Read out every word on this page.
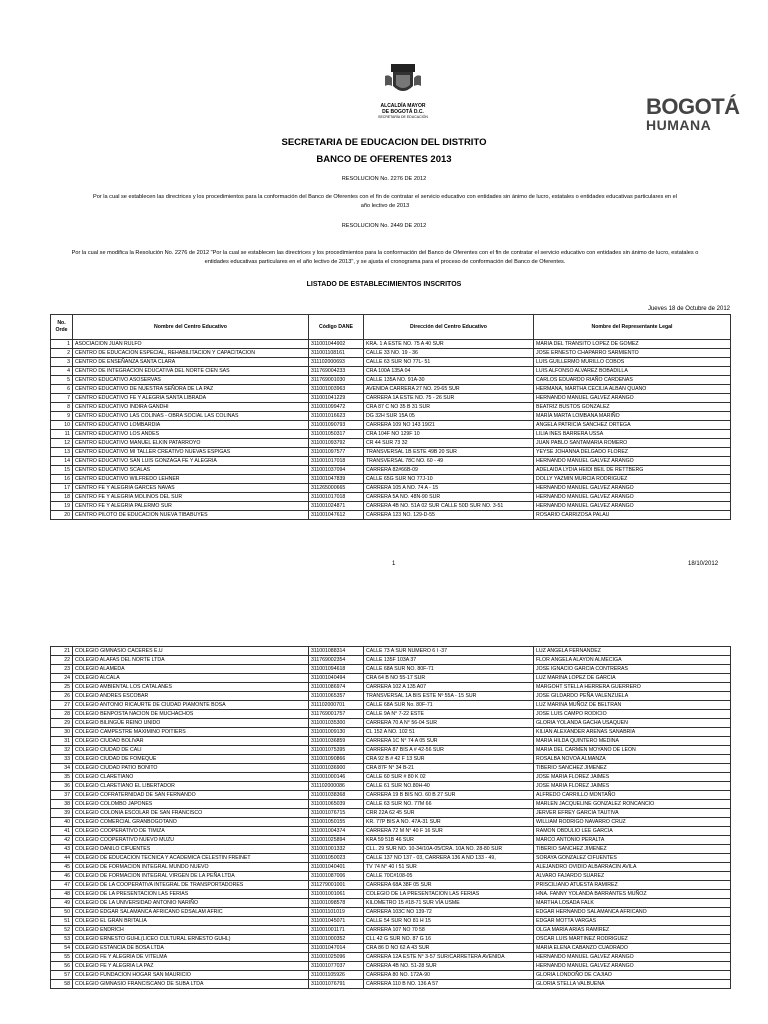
ALCALDÍA MAYOR
DE BOGOTÁ D.C.
SECRETARÍA DE EDUCACIÓN	BOGOTÁ
HUMANA
SECRETARIA DE EDUCACION DEL DISTRITO
BANCO DE OFERENTES 2013
RESOLUCION No. 2276 DE 2012
Por la cual se establecen las directrices y los procedimientos para la conformación del Banco de Oferentes con el fin de contratar el servicio educativo con entidades sin ánimo de lucro, estatales o entidades educativas particulares en el año lectivo de 2013
RESOLUCION No. 2449 DE 2012
Por la cual se modifica la Resolución No. 2276 de 2012 "Por la cual se establecen las directrices y los procedimientos para la conformación del Banco de Oferentes con el fin de contratar el servicio educativo con entidades sin ánimo de lucro, estatales o entidades educativas particulares en el año lectivo de 2013", y se ajusta el cronograma para el proceso de conformación del Banco de Oferentes.
LISTADO DE ESTABLECIMIENTOS INSCRITOS
Jueves 18 de Octubre de 2012
No. Orde	Nombre del Centro Educativo	Código DANE	Dirección del Centro Educativo	Nombre del Representante Legal
1	ASOCIACION JUAN RULFO	311001044902	KRA. 1 A ESTE NO. 75 A 40 SUR	MARIA DEL TRANSITO LOPEZ DE GOMEZ
2	CENTRO DE EDUCACION ESPECIAL, REHABILITACION Y CAPACITACION	311001108161	CALLE 33 NO. 19 - 36	JOSE ERNESTO CHAPARRO SARMIENTO
3	CENTRO DE ENSEÑANZA SANTA CLARA	311102000693	CALLE 63 SUR NO 77L- 51	LUIS GUILLERMO MURILLO COBOS
4	CENTRO DE INTEGRACION EDUCATIVA DEL NORTE CIEN SAS	311769004233	CRA 100A 135A 04	LUIS ALFONSO ALVAREZ BOBADILLA
5	CENTRO EDUCATIVO ASOSERVAS	311769001030	CALLE 135A NO. 91A-30	CARLOS EDUARDO RIAÑO CARDENAS
6	CENTRO EDUCATIVO DE NUESTRA SEÑORA DE LA PAZ	311001003963	AVENIDA CARRERA 27 NO. 29-65 SUR	HERMANA, MARTHA CECILIA ALBAN QUANO
7	CENTRO EDUCATIVO FE Y ALEGRIA SANTA LIBRADA	311001041229	CARRERA 1A ESTE NO. 75 - 26 SUR	HERNANDO MANUEL GALVEZ ARANGO
8	CENTRO EDUCATIVO INDIRA GANDHI	311001099472	CRA 87 C NO 35 B 31 SUR	BEATRIZ BUSTOS GONZALEZ
9	CENTRO EDUCATIVO LAS COLINAS - OBRA SOCIAL LAS COLINAS	311001016623	DG 32H SUR 15A 05	MARÍA MARTA LOMBANA MARIÑO
10	CENTRO EDUCATIVO LOMBARDIA	311001090793	CARRERA 109 NO 143 19/21	ANGELA PATRICIA SANCHEZ ORTEGA
11	CENTRO EDUCATIVO LOS ANDES	311001050317	CRA 104F NO 129F 10	LILIA INES BARRERA USSA
12	CENTRO EDUCATIVO MANUEL ELKIN PATARROYO	311001093792	CR 44 SUR 73 32	JUAN PABLO SANTAMARIA ROMERO
13	CENTRO EDUCATIVO MI TALLER CREATIVO NUEVAS ESPIGAS	311001097577	TRANSVERSAL 1B ESTE 49B 20 SUR	YEYSE JOHANNA DELGADO FLOREZ
14	CENTRO EDUCATIVO SAN LUIS GONZAGA FE Y ALEGRIA	311001017018	TRANSVERSAL 78C NO. 60 - 49	HERNANDO MANUEL GALVEZ ARANGO
15	CENTRO EDUCATIVO SCALAS	311001037094	CARRERA 82#66B-09	ADELAIDA LYDIA HEIDI BEIL DE RETTBERG
16	CENTRO EDUCATIVO WILFREDO LEHNER	311001047839	CALLE 65G SUR NO 77J-10	DOLLY YAZMIN MURCIA RODRIGUEZ
17	CENTRO FE Y ALEGRIA GARCES NAVAS	311265000665	CARRERA 105 A NO. 74 A - 15	HERNANDO MANUEL GALVEZ ARANGO
18	CENTRO FE Y ALEGRIA MOLINOS DEL SUR	311001017018	CARRERA 5A NO. 48N-90 SUR	HERNANDO MANUEL GALVEZ ARANGO
19	CENTRO FE Y ALEGRIA PALERMO SUR	311001024871	CARRERA 4B NO. 51A 02 SUR CALLE 50D SUR NO. 3-51	HERNANDO MANUEL GALVEZ ARANGO
20	CENTRO PILOTO DE EDUCACION NUEVA TIBABUYES	311001047612	CARRERA 123 NO. 129-D-55	ROSARIO CARRIZOSA PALAU
1	18/10/2012
21	COLEGIO GIMNASIO CACERES E.U	311001088314	CALLE 73 A SUR NUMERO 6 I -37	LUZ ANGELA FERNANDEZ
22	COLEGIO ALAFAS DEL NORTE LTDA	311769002354	CALLE 135F 103A 37	FLOR ANGELA ALAYON ALMECIGA
23	COLEGIO ALAMEDA	311001094618	CALLE 68A SUR NO. 80F-71	JOSE IGNACIO GARCIA CONTRERAS
24	COLEGIO ALCALA	311001040494	CRA 64 B NO 55-17 SUR	LUZ MARINA LOPEZ DE GARCIA
25	COLEGIO AMBIENTAL LOS CATALANES	311001086974	CARRERA 102 A 135 A07	MARGOHT STELLA HERRERA GUERRERO
26	COLEGIO ANDRES ESCOBAR	311001065357	TRANSVERSAL 1A BIS ESTE Nº 55A - 15 SUR	JOSE GILDARDO PEÑA VALENZUELA
27	COLEGIO ANTONIO RICAURTE DE CIUDAD PIAMONTE BOSA	311102000701	CALLE 68A SUR No. 80F-71	LUZ MARINA MUÑOZ DE BELTRAN
28	COLEGIO BENPOSTA NACION DE MUCHACHOS	311769001757	CALLE 9A N° 7-22 ESTE	JOSE LUIS CAMPO RODICIO
29	COLEGIO BILINGÜE REINO UNIDO	311001035300	CARRERA 70 A N° 56-04 SUR	GLORIA YOLANDA GACHA USAQUEN
30	COLEGIO CAMPESTRE MAXIMINO POITIERS	311001009130	CL 152 A NO. 102 51	KILIAN ALEXANDER ARENAS SANABRIA
31	COLEGIO CIUDAD BOLIVAR	311001036859	CARRERA 1C N° 74 A 05 SUR	MARIA HILDA QUINTERO MEDINA
32	COLEGIO CIUDAD DE CALI	311001075395	CARRERA 87 BIS A # 42-56 SUR	MARIA DEL CARMEN MOYANO DE LEON
33	COLEGIO CIUDAD DE FOMEQUE	311001090866	CRA 92 B # 42 F 13 SUR	ROSALBA NOVOA ALMANZA
34	COLEGIO CIUDAD PATIO BONITO	311001036900	CRA 87F N° 34 B-21	TIBERIO SANCHEZ JIMENEZ
35	COLEGIO CLARETIANO	311001000146	CALLE 60 SUR # 80 K 02	JOSE MARIA FLOREZ JAIMES
36	COLEGIO CLARETIANO EL LIBERTADOR	311102000086	CALLE 61 SUR NO.80H-40	JOSE MARIA FLOREZ JAIMES
37	COLEGIO COFRATERNIDAD DE SAN FERNANDO	311001038368	CARRERA 19 B BIS NO. 60 B 27 SUR	ALFREDO CARRILLO MONTAÑO
38	COLEGIO COLOMBO JAPONES	311001065039	CALLE 63 SUR NO. 77M 66	MARLEN JACQUELINE GONZALEZ RONCANCIO
39	COLEGIO COLONIA ESCOLAR DE SAN FRANCISCO	311001076715	CRR 22A 62 45 SUR	JERVER EFREY GARCIA TAUTIVA
40	COLEGIO COMERCIAL GRANBOGOTANO	311001050155	KR. 77P BIS A NO. 47A-31 SUR	WILLIAM RODRIGO NAVARRO CRUZ
41	COLEGIO COOPERATIVO DE TIMIZA	311001004374	CARRERA 72 M N° 40 F 16 SUR	RAMON OBDULIO LEE GARCIA
42	COLEGIO COOPERATIVO NUEVO MUZU	311001025894	KRA 59 51B 46 SUR	MARCO ANTONIO PERALTA
43	COLEGIO DANILO CIFUENTES	311001001332	CLL. 29 SUR NO. 10-34/10A-05/CRA. 10A NO. 28-80 SUR	TIBERIO SANCHEZ JIMENEZ
44	COLEGIO DE EDUCACION TECNICA Y ACADEMICA CELESTIN FREINET	311001050023	CALLE 137 NO 137 - 03, CARRERA 136 A NO 133 - 49,	SORAYA GONZALEZ CIFUENTES
45	COLEGIO DE FORMACION INTEGRAL MUNDO NUEVO	311001040401	TV 74 N° 40 I 51 SUR	ALEJANDRO OVIDIO ALBARRACIN AVILA
46	COLEGIO DE FORMACION INTEGRAL VIRGEN DE LA PEÑA LTDA	311001087006	CALLE 70C#108-05	ALVARO FAJARDO SUAREZ
47	COLEGIO DE LA COOPERATIVA INTEGRAL DE TRANSPORTADORES	311279001001	CARRERA 68A 38F 05 SUR	PRISCILIANO ATUESTA RAMIREZ
48	COLEGIO DE LA PRESENTACION LAS FERIAS	311001001061	COLEGIO DE LA PRESENTACION LAS FERIAS	HNA. FANNY YOLANDA BARRANTES MUÑOZ
49	COLEGIO DE LA UNIVERSIDAD ANTONIO NARIÑO	311001098578	KILOMETRO 15 #18-71 SUR VÍA USME	MARTHA LOSADA FALK
50	COLEGIO EDGAR SALAMANCA AFRICANO EDSALAM AFRIC	311001101019	CARRERA 103C NO 139-72	EDGAR HERNANDO SALAMANCA AFRICANO
51	COLEGIO EL GRAN BRITALIA	311001045071	CALLE 54 SUR NO 81 H 15	EDGAR MOTTA VARGAS
52	COLEGIO ENDRICH	311001001171	CARRERA 107 NO 70 58	OLGA MARIA ARIAS RAMIREZ
53	COLEGIO ERNESTO GUHL(LICEO CULTURAL ERNESTO GUHL)	311001000352	CLL 42 G SUR NO. 87 G 16	OSCAR LUIS MARTINEZ RODRIGUEZ
54	COLEGIO ESTANCIA DE BOSA LTDA	311001047014	CRA 86 D NO 62 A 43 SUR	MARIA ELENA CABANZO CUADRADO
55	COLEGIO FE Y ALEGRIA DE VITELMA	311001025096	CARRERA 12A ESTE N° 3-57 SUR/CARRETERA AVENIDA	HERNANDO MANUEL GALVEZ ARANGO
56	COLEGIO FE Y ALEGRIA LA PAZ	311001077037	CARRERA 4B NO. 51-28 SUR	HERNANDO MANUEL GALVEZ ARANGO
57	COLEGIO FUNDACION HOGAR SAN MAURICIO	311001105926	CARRERA 80 NO. 172A-90	GLORIA LONDOÑO DE CAJIAO
58	COLEGIO GIMNASIO FRANCISCANO DE SUBA LTDA	311001076791	CARRERA 110 B NO. 136 A 57	GLORIA STELLA VALBUENA
